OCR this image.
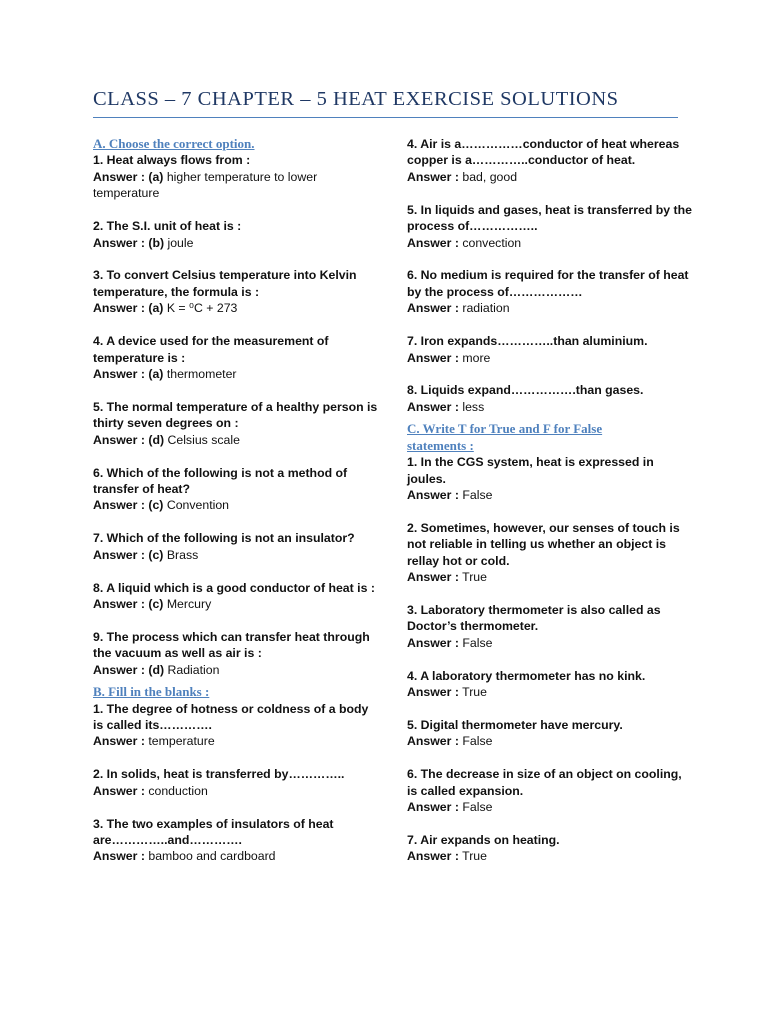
CLASS – 7 CHAPTER – 5 HEAT EXERCISE SOLUTIONS

A. Choose the correct option.

1. Heat always flows from :

Answer : (a) higher temperature to lower temperature

2. The S.I. unit of heat is :

Answer : (b) joule

3. To convert Celsius temperature into Kelvin temperature, the formula is :

Answer : (a) K = ⁰C + 273

4. A device used for the measurement of temperature is :

Answer : (a) thermometer

5. The normal temperature of a healthy person is thirty seven degrees on :

Answer : (d) Celsius scale

6. Which of the following is not a method of transfer of heat?

Answer : (c) Convention

7. Which of the following is not an insulator?

Answer : (c) Brass

8. A liquid which is a good conductor of heat is :

Answer : (c) Mercury

9. The process which can transfer heat through the vacuum as well as air is :

Answer : (d) Radiation

B. Fill in the blanks :

1. The degree of hotness or coldness of a body is called its………….

Answer : temperature

2. In solids, heat is transferred by…………..

Answer : conduction

3. The two examples of insulators of heat are…………..and………….

Answer : bamboo and cardboard

4. Air is a……………conductor of heat whereas copper is a…………..conductor of heat.

Answer : bad, good

5. In liquids and gases, heat is transferred by the process of……………..

Answer : convection

6. No medium is required for the transfer of heat by the process of………………

Answer : radiation

7. Iron expands…………..than aluminium.

Answer : more

8. Liquids expand…………….than gases.

Answer : less

C. Write T for True and F for False statements :

1. In the CGS system, heat is expressed in joules.

Answer : False

2. Sometimes, however, our senses of touch is not reliable in telling us whether an object is rellay hot or cold.

Answer : True

3. Laboratory thermometer is also called as Doctor’s thermometer.

Answer : False

4. A laboratory thermometer has no kink.

Answer : True

5. Digital thermometer have mercury.

Answer : False

6. The decrease in size of an object on cooling, is called expansion.

Answer : False

7. Air expands on heating.

Answer : True
